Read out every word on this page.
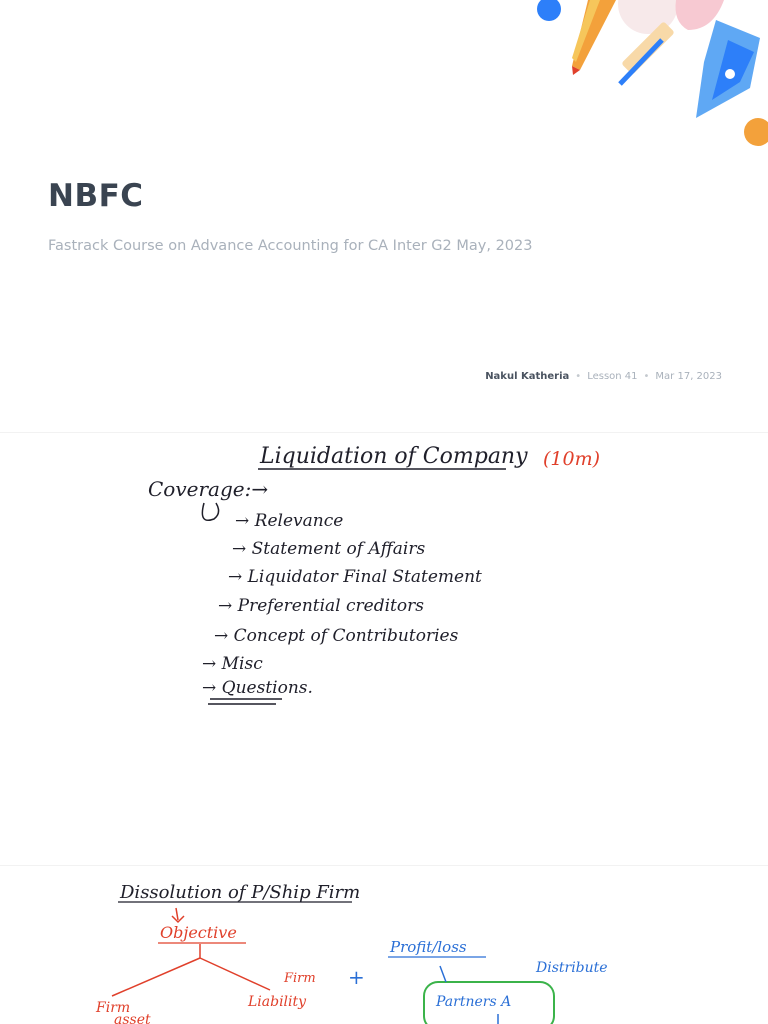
NBFC
Fastrack Course on Advance Accounting for CA Inter G2 May, 2023
Nakul Katheria • Lesson 41 • Mar 17, 2023
Liquidation of Company (10m)
Coverage:→
→ Relevance
→ Statement of Affairs
→ Liquidator Final Statement
→ Preferential creditors
→ Concept of Contributories
→ Misc
→ Questions.
Dissolution of P/Ship Firm
Objective
Firm
Liability
Firm
asset
+
Profit/loss
Distribute
Partners A
